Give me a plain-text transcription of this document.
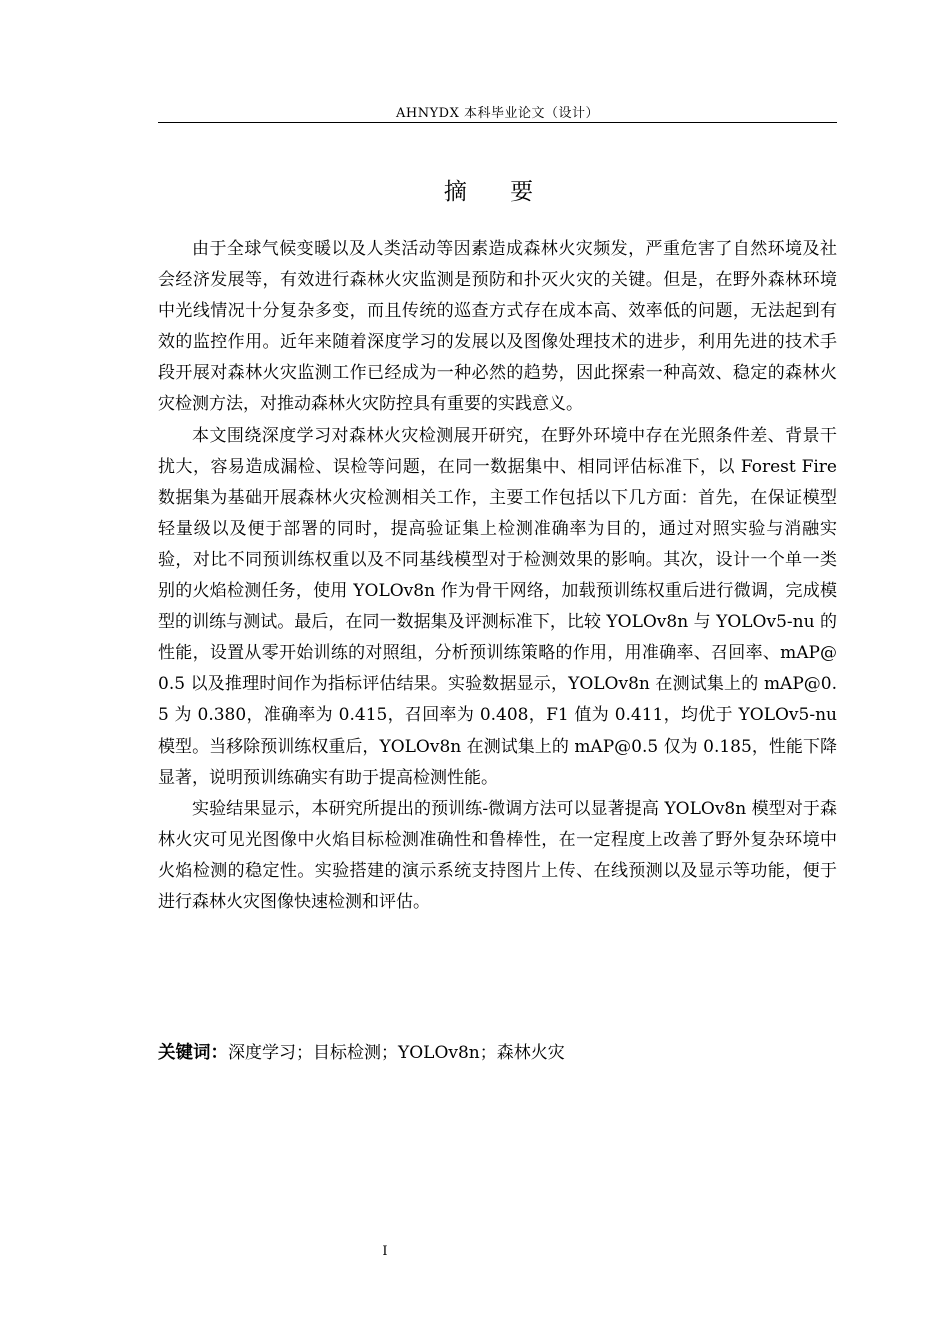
AHNYDX 本科毕业论文（设计）
摘 要

由于全球气候变暖以及人类活动等因素造成森林火灾频发，严重危害了自然环境及社会经济发展等，有效进行森林火灾监测是预防和扑灭火灾的关键。但是，在野外森林环境中光线情况十分复杂多变，而且传统的巡查方式存在成本高、效率低的问题，无法起到有效的监控作用。近年来随着深度学习的发展以及图像处理技术的进步，利用先进的技术手段开展对森林火灾监测工作已经成为一种必然的趋势，因此探索一种高效、稳定的森林火灾检测方法，对推动森林火灾防控具有重要的实践意义。

本文围绕深度学习对森林火灾检测展开研究，在野外环境中存在光照条件差、背景干扰大，容易造成漏检、误检等问题，在同一数据集中、相同评估标准下，以 Forest Fire 数据集为基础开展森林火灾检测相关工作，主要工作包括以下几方面：首先，在保证模型轻量级以及便于部署的同时，提高验证集上检测准确率为目的，通过对照实验与消融实验，对比不同预训练权重以及不同基线模型对于检测效果的影响。其次，设计一个单一类别的火焰检测任务，使用 YOLOv8n 作为骨干网络，加载预训练权重后进行微调，完成模型的训练与测试。最后，在同一数据集及评测标准下，比较 YOLOv8n 与 YOLOv5-nu 的性能，设置从零开始训练的对照组，分析预训练策略的作用，用准确率、召回率、mAP@0.5 以及推理时间作为指标评估结果。实验数据显示，YOLOv8n 在测试集上的 mAP@0.5 为 0.380，准确率为 0.415，召回率为 0.408，F1 值为 0.411，均优于 YOLOv5-nu 模型。当移除预训练权重后，YOLOv8n 在测试集上的 mAP@0.5 仅为 0.185，性能下降显著，说明预训练确实有助于提高检测性能。

实验结果显示，本研究所提出的预训练-微调方法可以显著提高 YOLOv8n 模型对于森林火灾可见光图像中火焰目标检测准确性和鲁棒性，在一定程度上改善了野外复杂环境中火焰检测的稳定性。实验搭建的演示系统支持图片上传、在线预测以及显示等功能，便于进行森林火灾图像快速检测和评估。

关键词：深度学习；目标检测；YOLOv8n；森林火灾
I
